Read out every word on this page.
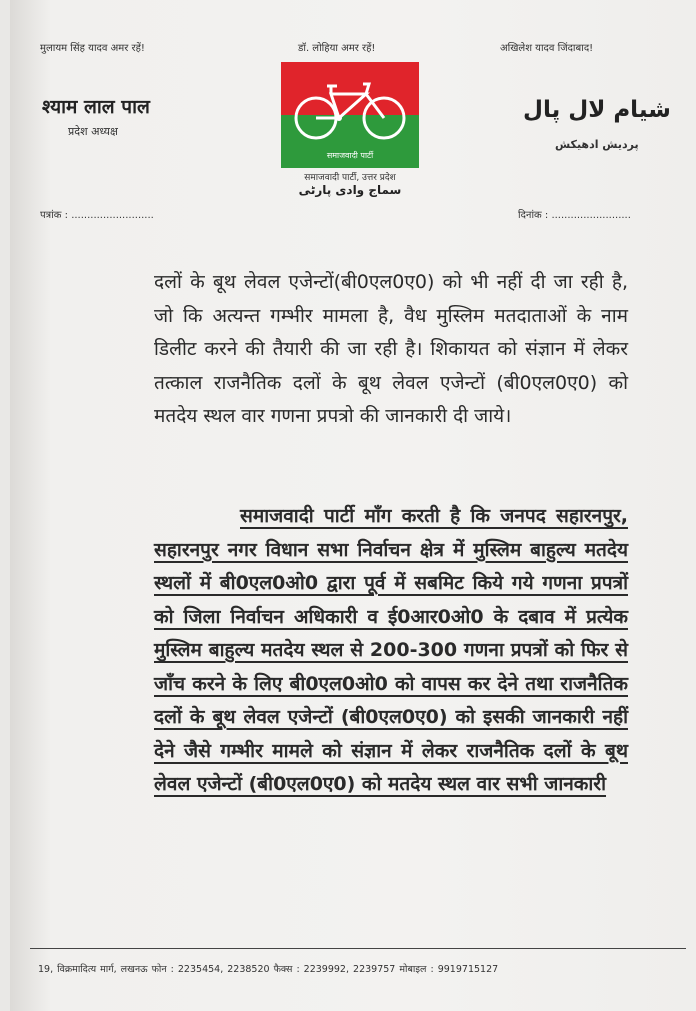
मुलायम सिंह यादव अमर रहें!	डॉ. लोहिया अमर रहें!	अखिलेश यादव जिंदाबाद!
श्याम लाल पाल
प्रदेश अध्यक्ष
شیام لال پال
پردیش ادھیکش
समाजवादी पार्टी
समाजवादी पार्टी, उत्तर प्रदेश
سماج وادی پارٹی
पत्रांक : ..........................	दिनांक : .........................

दलों के बूथ लेवल एजेन्टों(बी0एल0ए0) को भी नहीं दी जा रही है, जो कि अत्यन्त गम्भीर मामला है, वैध मुस्लिम मतदाताओं के नाम डिलीट करने की तैयारी की जा रही है। शिकायत को संज्ञान में लेकर तत्काल राजनैतिक दलों के बूथ लेवल एजेन्टों (बी0एल0ए0) को मतदेय स्थल वार गणना प्रपत्रो की जानकारी दी जाये।

समाजवादी पार्टी माँग करती है कि जनपद सहारनपुर, सहारनपुर नगर विधान सभा निर्वाचन क्षेत्र में मुस्लिम बाहुल्य मतदेय स्थलों में बी0एल0ओ0 द्वारा पूर्व में सबमिट किये गये गणना प्रपत्रों को जिला निर्वाचन अधिकारी व ई0आर0ओ0 के दबाव में प्रत्येक मुस्लिम बाहुल्य मतदेय स्थल से 200-300 गणना प्रपत्रों को फिर से जाँच करने के लिए बी0एल0ओ0 को वापस कर देने तथा राजनैतिक दलों के बूथ लेवल एजेन्टों (बी0एल0ए0) को इसकी जानकारी नहीं देने जैसे गम्भीर मामले को संज्ञान में लेकर राजनैतिक दलों के बूथ लेवल एजेन्टों (बी0एल0ए0) को मतदेय स्थल वार सभी जानकारी

19, विक्रमादित्य मार्ग, लखनऊ फोन : 2235454, 2238520 फैक्स : 2239992, 2239757 मोबाइल : 9919715127
